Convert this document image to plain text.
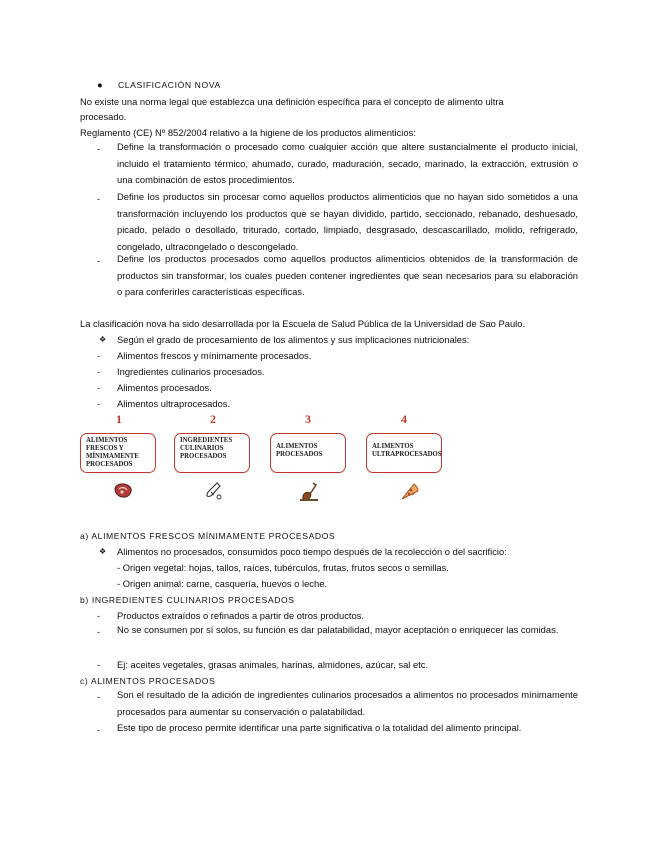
● CLASIFICACIÓN NOVA
No existe una norma legal que establezca una definición específica para el concepto de alimento ultra
procesado.
Reglamento (CE) Nº 852/2004 relativo a la higiene de los productos alimenticios:
- Define la transformación o procesado como cualquier acción que altere sustancialmente el producto inicial, incluido el tratamiento térmico, ahumado, curado, maduración, secado, marinado, la extracción, extrusión o una combinación de estos procedimientos.
- Define los productos sin procesar como aquellos productos alimenticios que no hayan sido sometidos a una transformación incluyendo los productos que se hayan dividido, partido, seccionado, rebanado, deshuesado, picado, pelado o desollado, triturado, cortado, limpiado, desgrasado, descascarillado, molido, refrigerado, congelado, ultracongelado o descongelado.
- Define los productos procesados como aquellos productos alimenticios obtenidos de la transformación de productos sin transformar, los cuales pueden contener ingredientes que sean necesarios para su elaboración o para conferirles características específicas.
La clasificación nova ha sido desarrollada por la Escuela de Salud Pública de la Universidad de Sao Paulo.
❖ Según el grado de procesamiento de los alimentos y sus implicaciones nutricionales:
- Alimentos frescos y mínimamente procesados.
- Ingredientes culinarios procesados.
- Alimentos procesados.
- Alimentos ultraprocesados.
1	2	3	4
ALIMENTOS
FRESCOS Y
MÍNIMAMENTE
PROCESADOS
INGREDIENTES
CULINARIOS
PROCESADOS
ALIMENTOS
PROCESADOS
ALIMENTOS
ULTRAPROCESADOS
a) ALIMENTOS FRESCOS MÍNIMAMENTE PROCESADOS
❖ Alimentos no procesados, consumidos poco tiempo después de la recolección o del sacrificio:
- Origen vegetal: hojas, tallos, raíces, tubérculos, frutas, frutos secos o semillas.
- Origen animal: carne, casquería, huevos o leche.
b) INGREDIENTES CULINARIOS PROCESADOS
- Productos extraídos o refinados a partir de otros productos.
- No se consumen por sí solos, su función es dar palatabilidad, mayor aceptación o enriquecer las comidas.
- Ej: aceites vegetales, grasas animales, harinas, almidones, azúcar, sal etc.
c) ALIMENTOS PROCESADOS
- Son el resultado de la adición de ingredientes culinarios procesados a alimentos no procesados mínimamente procesados para aumentar su conservación o palatabilidad.
- Este tipo de proceso permite identificar una parte significativa o la totalidad del alimento principal.
